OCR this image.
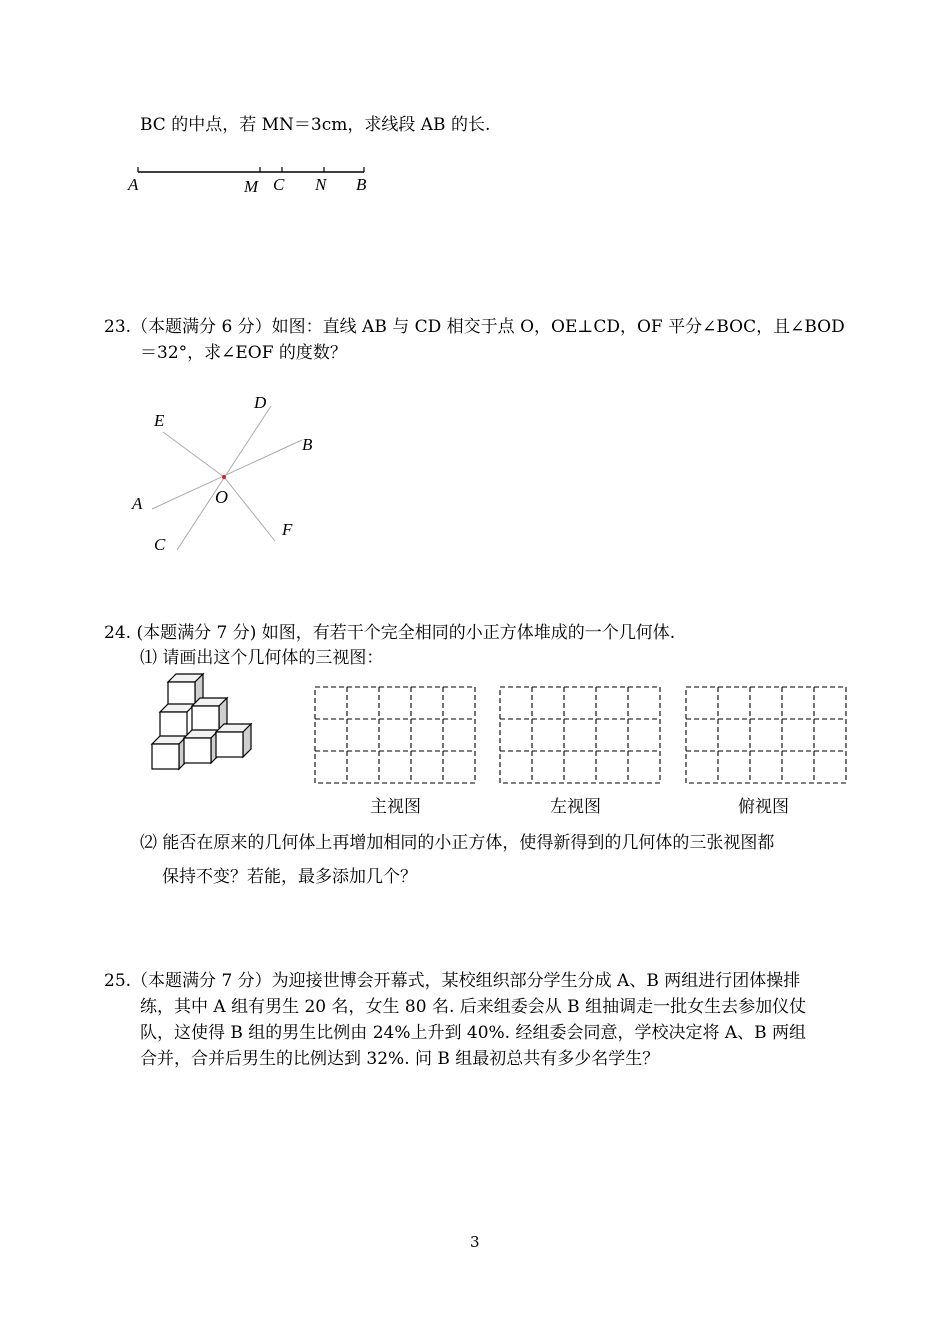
BC 的中点，若 MN＝3cm，求线段 AB 的长.
A	M C N B
23.（本题满分 6 分）如图：直线 AB 与 CD 相交于点 O，OE⊥CD，OF 平分∠BOC，且∠BOD
＝32°，求∠EOF 的度数？
E
D
B
A	O
C
F
24. (本题满分 7 分) 如图，有若干个完全相同的小正方体堆成的一个几何体.
⑴ 请画出这个几何体的三视图：
主视图	左视图	俯视图
⑵ 能否在原来的几何体上再增加相同的小正方体，使得新得到的几何体的三张视图都
保持不变？若能，最多添加几个？
25.（本题满分 7 分）为迎接世博会开幕式，某校组织部分学生分成 A、B 两组进行团体操排
练，其中 A 组有男生 20 名，女生 80 名. 后来组委会从 B 组抽调走一批女生去参加仪仗
队，这使得 B 组的男生比例由 24%上升到 40%. 经组委会同意，学校决定将 A、B 两组
合并，合并后男生的比例达到 32%. 问 B 组最初总共有多少名学生？
3
